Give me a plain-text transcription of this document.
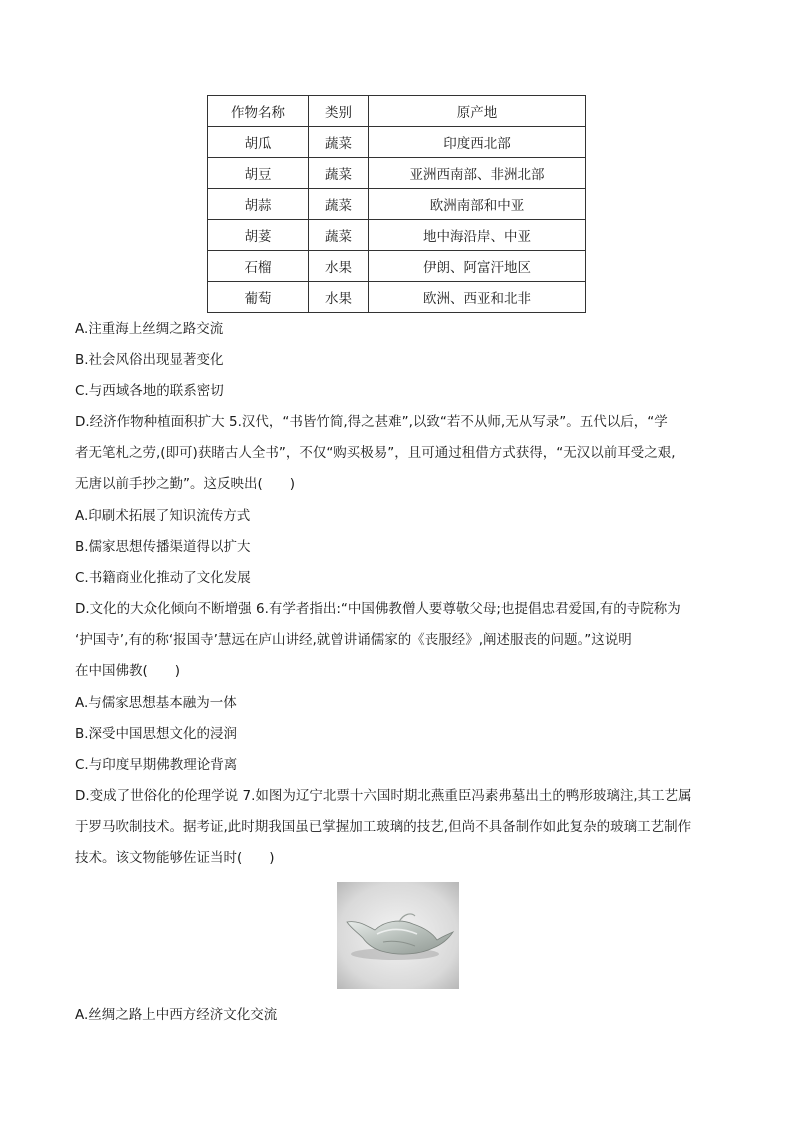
作物名称	类别	原产地
胡瓜	蔬菜	印度西北部
胡豆	蔬菜	亚洲西南部、非洲北部
胡蒜	蔬菜	欧洲南部和中亚
胡荽	蔬菜	地中海沿岸、中亚
石榴	水果	伊朗、阿富汗地区
葡萄	水果	欧洲、西亚和北非
A.注重海上丝绸之路交流
B.社会风俗出现显著变化
C.与西域各地的联系密切
D.经济作物种植面积扩大 5.汉代，“书皆竹简,得之甚难”,以致“若不从师,无从写录”。五代以后，“学
者无笔札之劳,(即可)获睹古人全书”，不仅“购买极易”，且可通过租借方式获得，“无汉以前耳受之艰,
无唐以前手抄之勤”。这反映出(　　)
A.印刷术拓展了知识流传方式
B.儒家思想传播渠道得以扩大
C.书籍商业化推动了文化发展
D.文化的大众化倾向不断增强 6.有学者指出:“中国佛教僧人要尊敬父母;也提倡忠君爱国,有的寺院称为
‘护国寺’,有的称‘报国寺’慧远在庐山讲经,就曾讲诵儒家的《丧服经》,阐述服丧的问题。”这说明
在中国佛教(　　)
A.与儒家思想基本融为一体
B.深受中国思想文化的浸润
C.与印度早期佛教理论背离
D.变成了世俗化的伦理学说 7.如图为辽宁北票十六国时期北燕重臣冯素弗墓出土的鸭形玻璃注,其工艺属
于罗马吹制技术。据考证,此时期我国虽已掌握加工玻璃的技艺,但尚不具备制作如此复杂的玻璃工艺制作
技术。该文物能够佐证当时(　　)
A.丝绸之路上中西方经济文化交流
